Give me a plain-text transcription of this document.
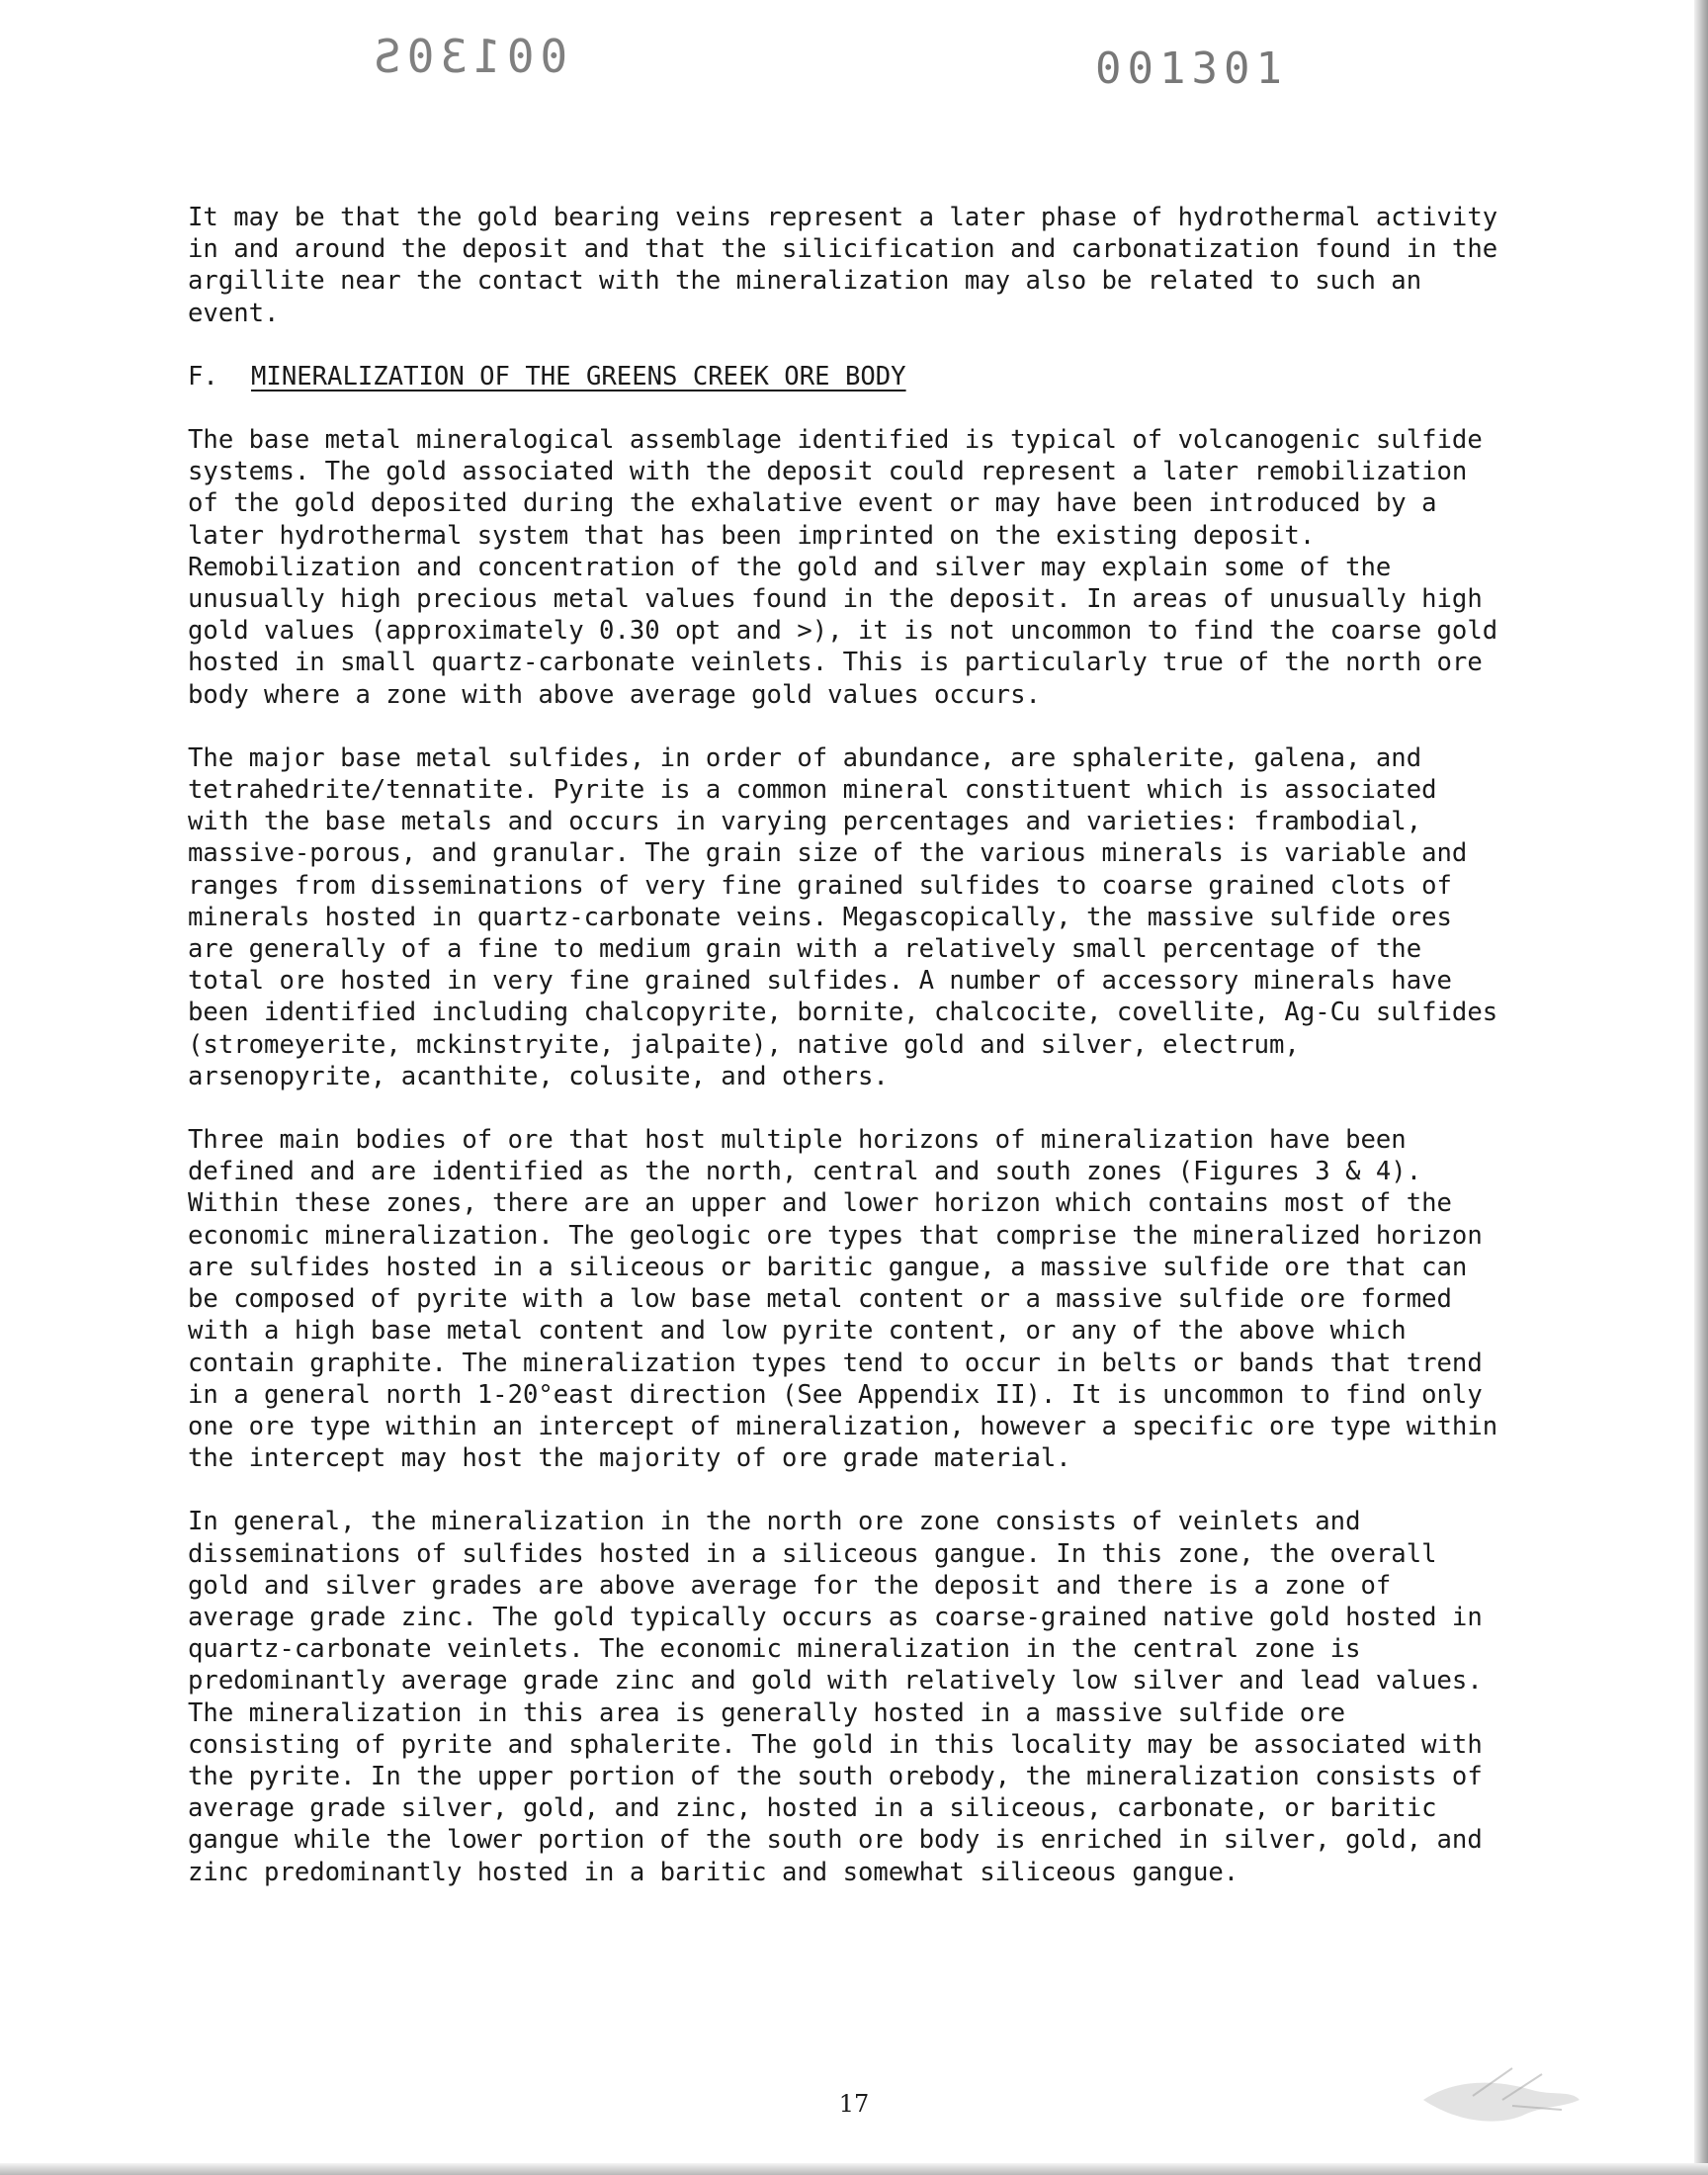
00130S	001301

It may be that the gold bearing veins represent a later phase of hydrothermal activity in and around the deposit and that the silicification and carbonatization found in the argillite near the contact with the mineralization may also be related to such an event.

F. MINERALIZATION OF THE GREENS CREEK ORE BODY

The base metal mineralogical assemblage identified is typical of volcanogenic sulfide systems. The gold associated with the deposit could represent a later remobilization of the gold deposited during the exhalative event or may have been introduced by a later hydrothermal system that has been imprinted on the existing deposit. Remobilization and concentration of the gold and silver may explain some of the unusually high precious metal values found in the deposit. In areas of unusually high gold values (approximately 0.30 opt and >), it is not uncommon to find the coarse gold hosted in small quartz-carbonate veinlets. This is particularly true of the north ore body where a zone with above average gold values occurs.

The major base metal sulfides, in order of abundance, are sphalerite, galena, and tetrahedrite/tennatite. Pyrite is a common mineral constituent which is associated with the base metals and occurs in varying percentages and varieties: frambodial, massive-porous, and granular. The grain size of the various minerals is variable and ranges from disseminations of very fine grained sulfides to coarse grained clots of minerals hosted in quartz-carbonate veins. Megascopically, the massive sulfide ores are generally of a fine to medium grain with a relatively small percentage of the total ore hosted in very fine grained sulfides. A number of accessory minerals have been identified including chalcopyrite, bornite, chalcocite, covellite, Ag-Cu sulfides (stromeyerite, mckinstryite, jalpaite), native gold and silver, electrum, arsenopyrite, acanthite, colusite, and others.

Three main bodies of ore that host multiple horizons of mineralization have been defined and are identified as the north, central and south zones (Figures 3 & 4). Within these zones, there are an upper and lower horizon which contains most of the economic mineralization. The geologic ore types that comprise the mineralized horizon are sulfides hosted in a siliceous or baritic gangue, a massive sulfide ore that can be composed of pyrite with a low base metal content or a massive sulfide ore formed with a high base metal content and low pyrite content, or any of the above which contain graphite. The mineralization types tend to occur in belts or bands that trend in a general north 1-20°east direction (See Appendix II). It is uncommon to find only one ore type within an intercept of mineralization, however a specific ore type within the intercept may host the majority of ore grade material.

In general, the mineralization in the north ore zone consists of veinlets and disseminations of sulfides hosted in a siliceous gangue. In this zone, the overall gold and silver grades are above average for the deposit and there is a zone of average grade zinc. The gold typically occurs as coarse-grained native gold hosted in quartz-carbonate veinlets. The economic mineralization in the central zone is predominantly average grade zinc and gold with relatively low silver and lead values. The mineralization in this area is generally hosted in a massive sulfide ore consisting of pyrite and sphalerite. The gold in this locality may be associated with the pyrite. In the upper portion of the south orebody, the mineralization consists of average grade silver, gold, and zinc, hosted in a siliceous, carbonate, or baritic gangue while the lower portion of the south ore body is enriched in silver, gold, and zinc predominantly hosted in a baritic and somewhat siliceous gangue.

17
